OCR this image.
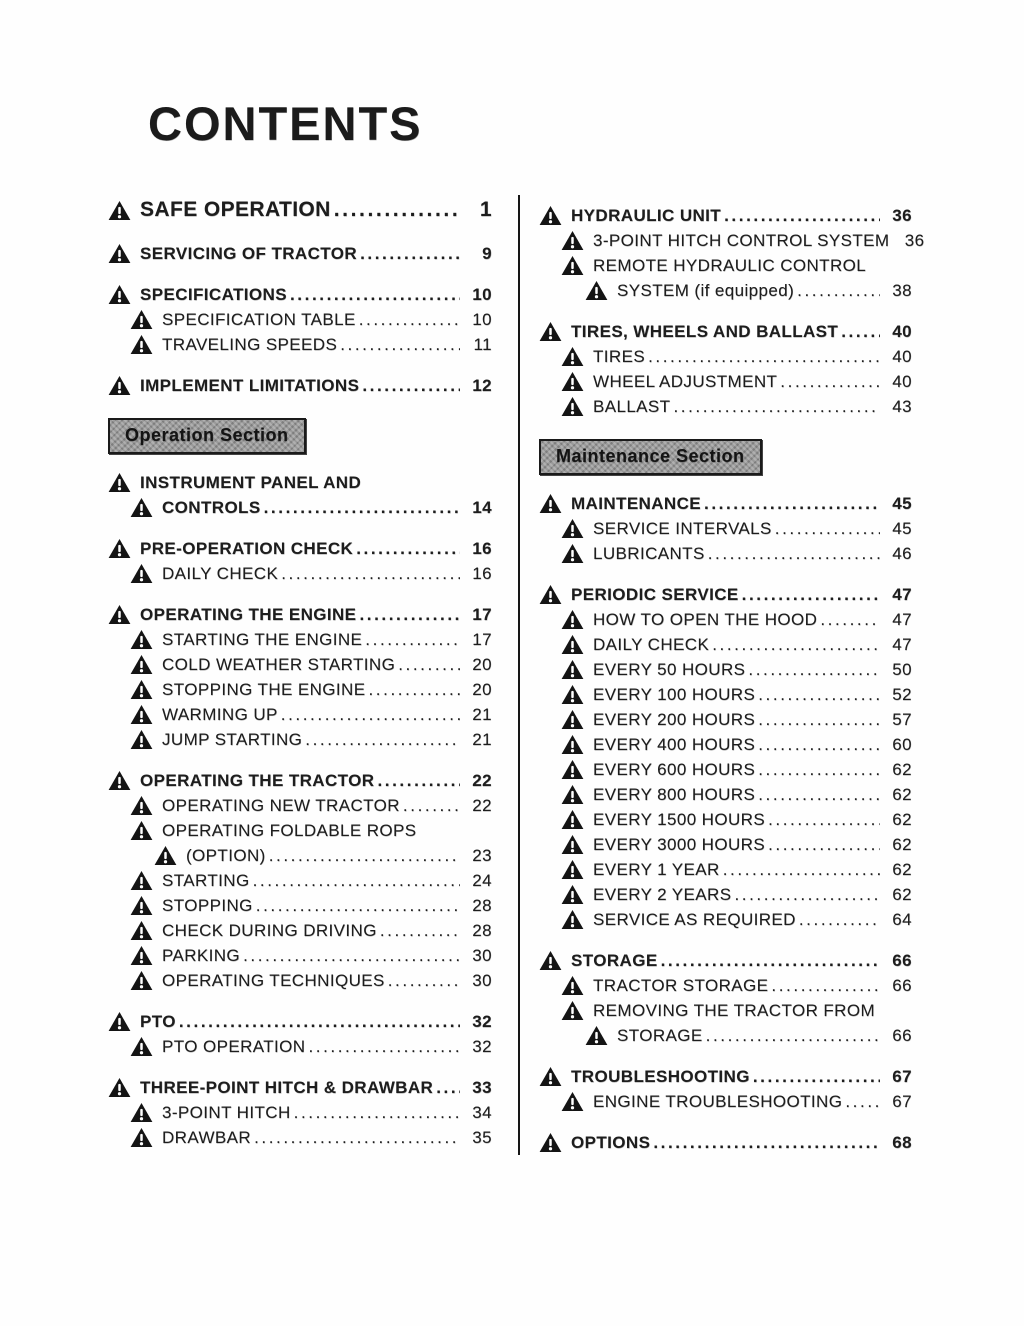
CONTENTS
SAFE OPERATION .....	1
SERVICING OF TRACTOR .....	9
SPECIFICATIONS .....	10
SPECIFICATION TABLE .....	10
TRAVELING SPEEDS .....	11
IMPLEMENT LIMITATIONS .....	12
Operation Section
INSTRUMENT PANEL AND
CONTROLS .....	14
PRE-OPERATION CHECK .....	16
DAILY CHECK .....	16
OPERATING THE ENGINE .....	17
STARTING THE ENGINE .....	17
COLD WEATHER STARTING .....	20
STOPPING THE ENGINE .....	20
WARMING UP .....	21
JUMP STARTING .....	21
OPERATING THE TRACTOR .....	22
OPERATING NEW TRACTOR .....	22
OPERATING FOLDABLE ROPS
(OPTION) .....	23
STARTING .....	24
STOPPING .....	28
CHECK DURING DRIVING .....	28
PARKING .....	30
OPERATING TECHNIQUES .....	30
PTO .....	32
PTO OPERATION .....	32
THREE-POINT HITCH & DRAWBAR .....	33
3-POINT HITCH .....	34
DRAWBAR .....	35
HYDRAULIC UNIT .....	36
3-POINT HITCH CONTROL SYSTEM 36
REMOTE HYDRAULIC CONTROL
SYSTEM (if equipped) .....	38
TIRES, WHEELS AND BALLAST .....	40
TIRES .....	40
WHEEL ADJUSTMENT .....	40
BALLAST .....	43
Maintenance Section
MAINTENANCE .....	45
SERVICE INTERVALS .....	45
LUBRICANTS .....	46
PERIODIC SERVICE .....	47
HOW TO OPEN THE HOOD .....	47
DAILY CHECK .....	47
EVERY 50 HOURS .....	50
EVERY 100 HOURS .....	52
EVERY 200 HOURS .....	57
EVERY 400 HOURS .....	60
EVERY 600 HOURS .....	62
EVERY 800 HOURS .....	62
EVERY 1500 HOURS .....	62
EVERY 3000 HOURS .....	62
EVERY 1 YEAR .....	62
EVERY 2 YEARS .....	62
SERVICE AS REQUIRED .....	64
STORAGE .....	66
TRACTOR STORAGE .....	66
REMOVING THE TRACTOR FROM
STORAGE .....	66
TROUBLESHOOTING .....	67
ENGINE TROUBLESHOOTING .....	67
OPTIONS .....	68
